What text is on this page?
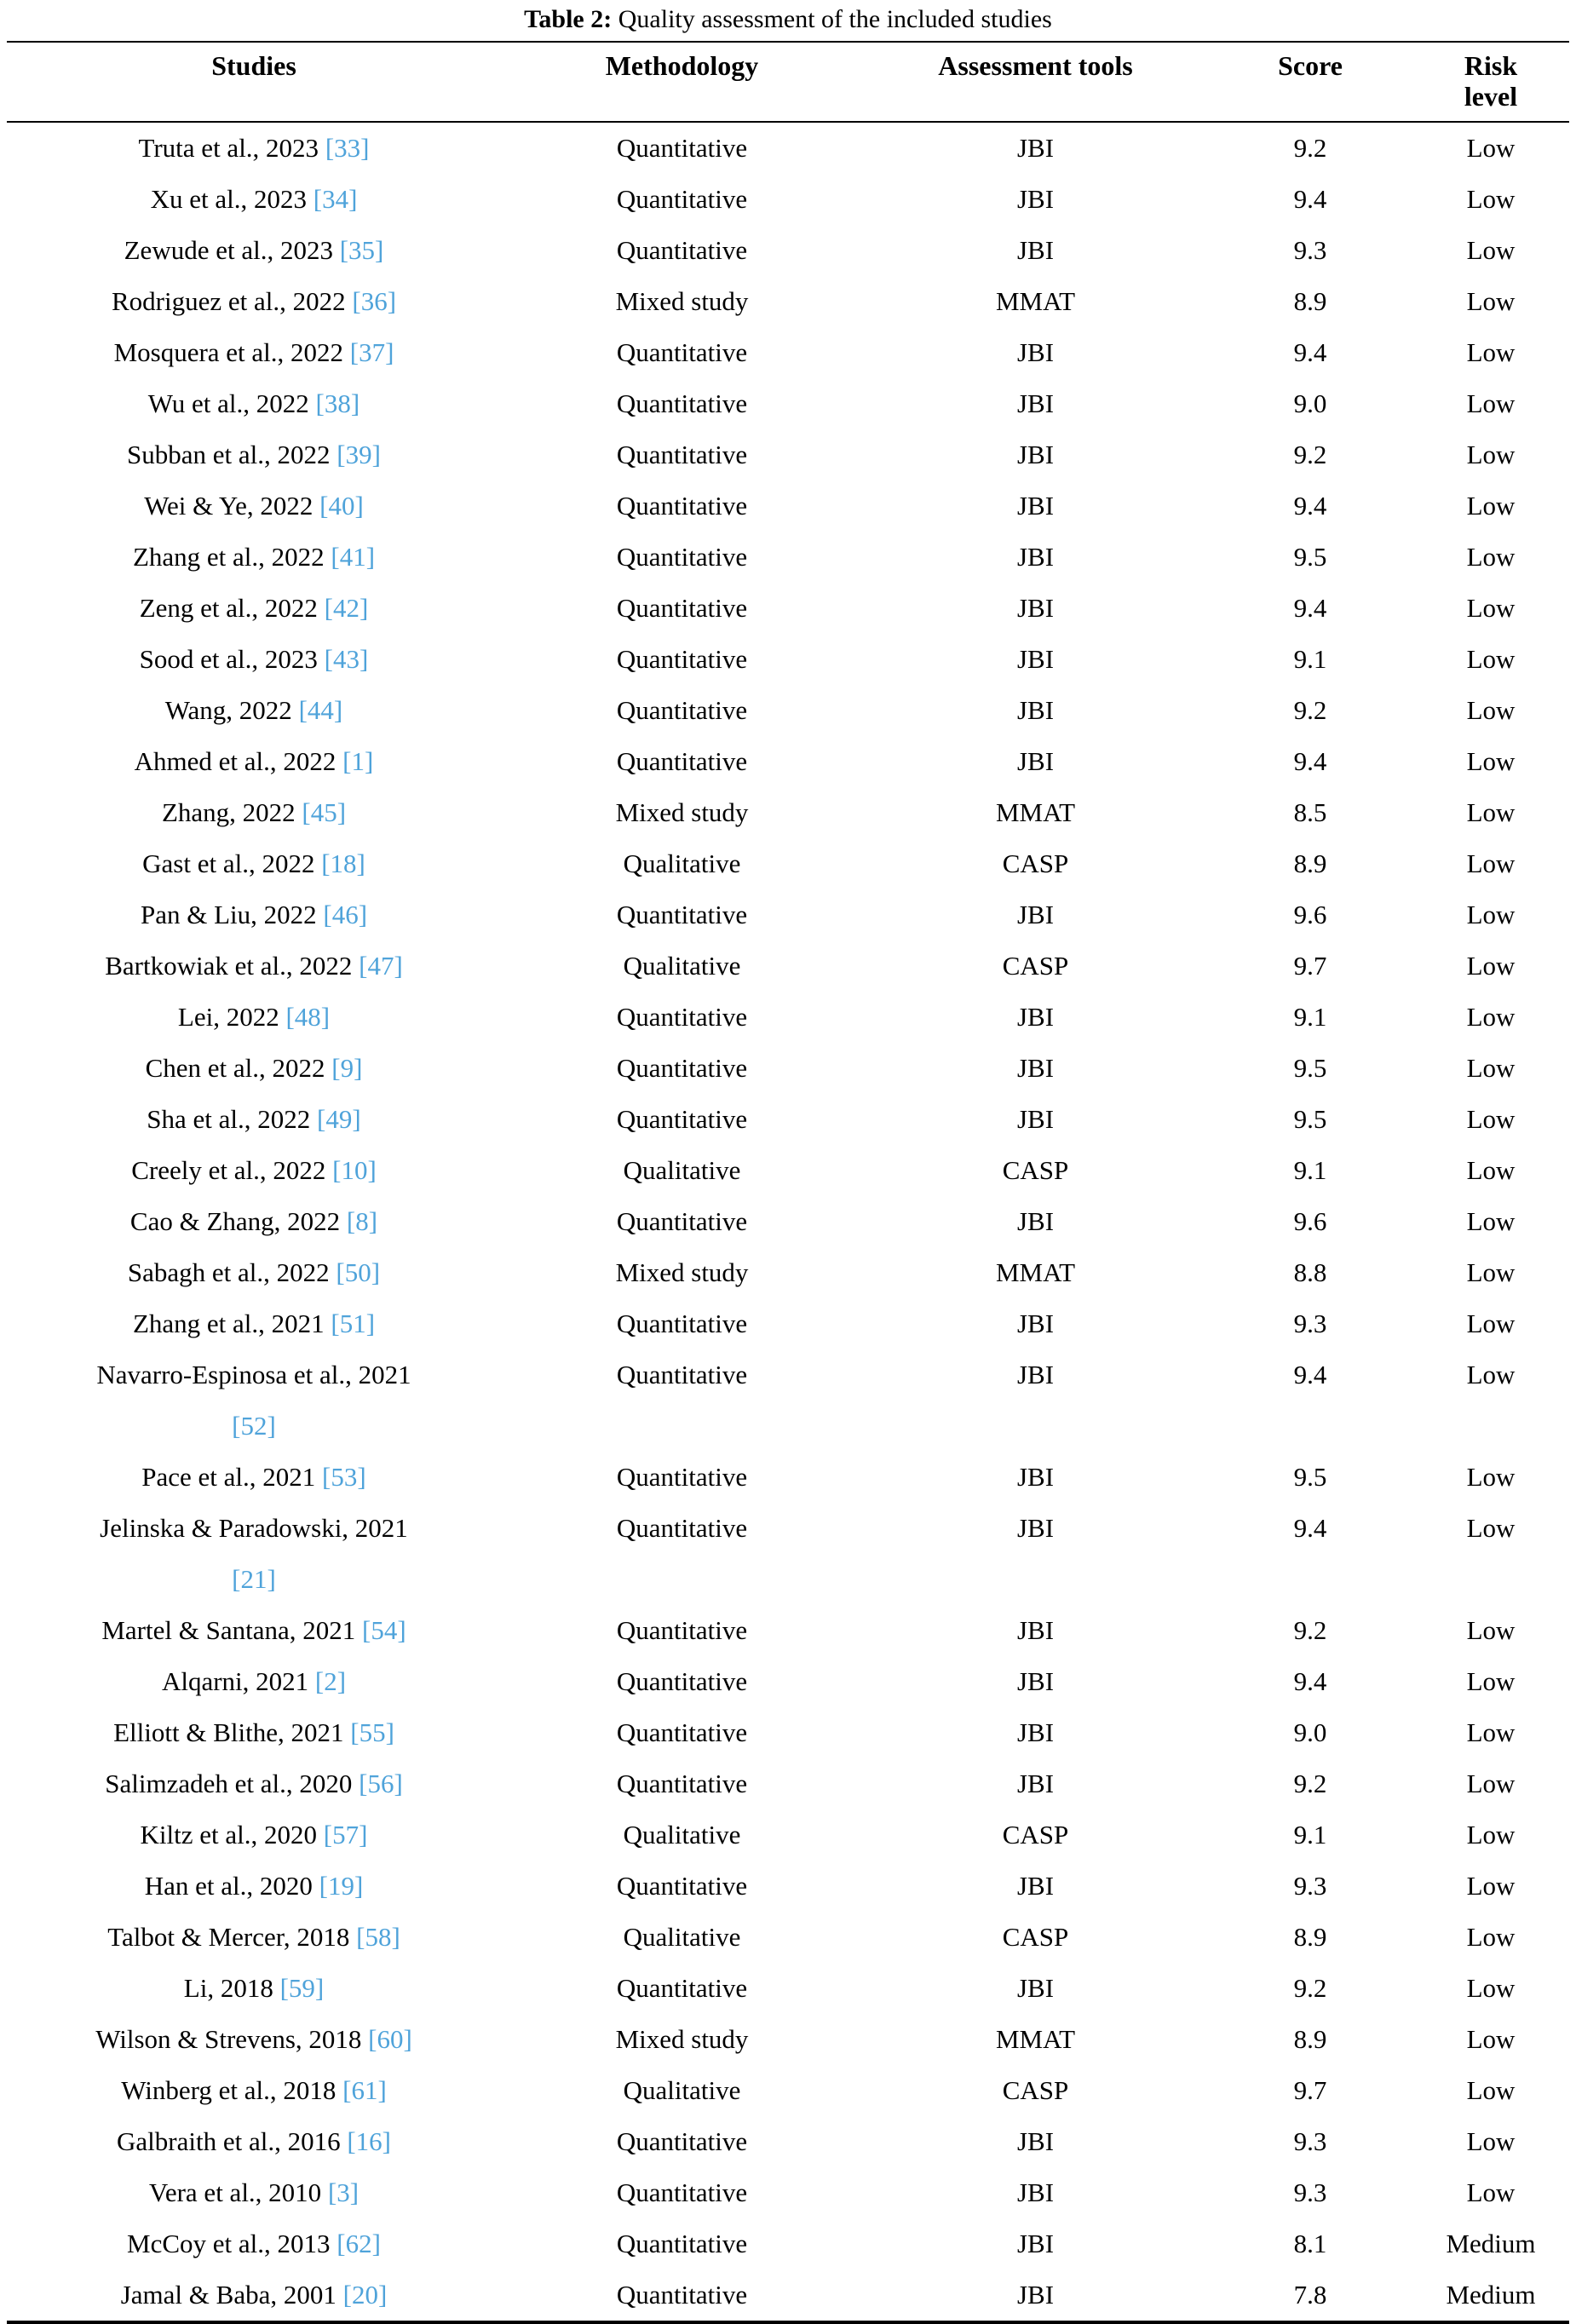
Table 2: Quality assessment of the included studies
Studies	Methodology	Assessment tools	Score	Risk level
Truta et al., 2023 [33]	Quantitative	JBI	9.2	Low
Xu et al., 2023 [34]	Quantitative	JBI	9.4	Low
Zewude et al., 2023 [35]	Quantitative	JBI	9.3	Low
Rodriguez et al., 2022 [36]	Mixed study	MMAT	8.9	Low
Mosquera et al., 2022 [37]	Quantitative	JBI	9.4	Low
Wu et al., 2022 [38]	Quantitative	JBI	9.0	Low
Subban et al., 2022 [39]	Quantitative	JBI	9.2	Low
Wei & Ye, 2022 [40]	Quantitative	JBI	9.4	Low
Zhang et al., 2022 [41]	Quantitative	JBI	9.5	Low
Zeng et al., 2022 [42]	Quantitative	JBI	9.4	Low
Sood et al., 2023 [43]	Quantitative	JBI	9.1	Low
Wang, 2022 [44]	Quantitative	JBI	9.2	Low
Ahmed et al., 2022 [1]	Quantitative	JBI	9.4	Low
Zhang, 2022 [45]	Mixed study	MMAT	8.5	Low
Gast et al., 2022 [18]	Qualitative	CASP	8.9	Low
Pan & Liu, 2022 [46]	Quantitative	JBI	9.6	Low
Bartkowiak et al., 2022 [47]	Qualitative	CASP	9.7	Low
Lei, 2022 [48]	Quantitative	JBI	9.1	Low
Chen et al., 2022 [9]	Quantitative	JBI	9.5	Low
Sha et al., 2022 [49]	Quantitative	JBI	9.5	Low
Creely et al., 2022 [10]	Qualitative	CASP	9.1	Low
Cao & Zhang, 2022 [8]	Quantitative	JBI	9.6	Low
Sabagh et al., 2022 [50]	Mixed study	MMAT	8.8	Low
Zhang et al., 2021 [51]	Quantitative	JBI	9.3	Low
Navarro-Espinosa et al., 2021
[52]	Quantitative	JBI	9.4	Low
Pace et al., 2021 [53]	Quantitative	JBI	9.5	Low
Jelinska & Paradowski, 2021
[21]	Quantitative	JBI	9.4	Low
Martel & Santana, 2021 [54]	Quantitative	JBI	9.2	Low
Alqarni, 2021 [2]	Quantitative	JBI	9.4	Low
Elliott & Blithe, 2021 [55]	Quantitative	JBI	9.0	Low
Salimzadeh et al., 2020 [56]	Quantitative	JBI	9.2	Low
Kiltz et al., 2020 [57]	Qualitative	CASP	9.1	Low
Han et al., 2020 [19]	Quantitative	JBI	9.3	Low
Talbot & Mercer, 2018 [58]	Qualitative	CASP	8.9	Low
Li, 2018 [59]	Quantitative	JBI	9.2	Low
Wilson & Strevens, 2018 [60]	Mixed study	MMAT	8.9	Low
Winberg et al., 2018 [61]	Qualitative	CASP	9.7	Low
Galbraith et al., 2016 [16]	Quantitative	JBI	9.3	Low
Vera et al., 2010 [3]	Quantitative	JBI	9.3	Low
McCoy et al., 2013 [62]	Quantitative	JBI	8.1	Medium
Jamal & Baba, 2001 [20]	Quantitative	JBI	7.8	Medium
